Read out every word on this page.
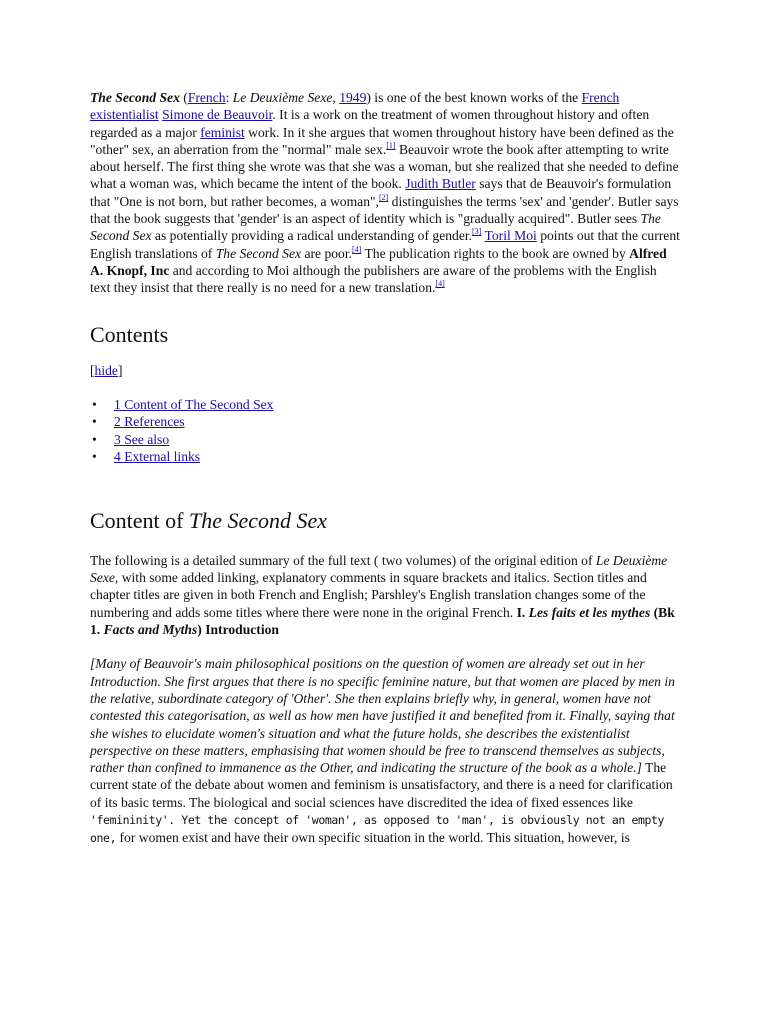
The Second Sex (French: Le Deuxième Sexe, 1949) is one of the best known works of the French existentialist Simone de Beauvoir. It is a work on the treatment of women throughout history and often regarded as a major feminist work. In it she argues that women throughout history have been defined as the "other" sex, an aberration from the "normal" male sex.[1] Beauvoir wrote the book after attempting to write about herself. The first thing she wrote was that she was a woman, but she realized that she needed to define what a woman was, which became the intent of the book. Judith Butler says that de Beauvoir's formulation that "One is not born, but rather becomes, a woman",[2] distinguishes the terms 'sex' and 'gender'. Butler says that the book suggests that 'gender' is an aspect of identity which is "gradually acquired". Butler sees The Second Sex as potentially providing a radical understanding of gender.[3] Toril Moi points out that the current English translations of The Second Sex are poor.[4] The publication rights to the book are owned by Alfred A. Knopf, Inc and according to Moi although the publishers are aware of the problems with the English text they insist that there really is no need for a new translation.[4]

Contents

[hide]

• 1 Content of The Second Sex
• 2 References
• 3 See also
• 4 External links
Content of The Second Sex

The following is a detailed summary of the full text ( two volumes) of the original edition of Le Deuxième Sexe, with some added linking, explanatory comments in square brackets and italics. Section titles and chapter titles are given in both French and English; Parshley's English translation changes some of the numbering and adds some titles where there were none in the original French. I. Les faits et les mythes (Bk 1. Facts and Myths) Introduction

[Many of Beauvoir's main philosophical positions on the question of women are already set out in her Introduction. She first argues that there is no specific feminine nature, but that women are placed by men in the relative, subordinate category of 'Other'. She then explains briefly why, in general, women have not contested this categorisation, as well as how men have justified it and benefited from it. Finally, saying that she wishes to elucidate women's situation and what the future holds, she describes the existentialist perspective on these matters, emphasising that women should be free to transcend themselves as subjects, rather than confined to immanence as the Other, and indicating the structure of the book as a whole.] The current state of the debate about women and feminism is unsatisfactory, and there is a need for clarification of its basic terms. The biological and social sciences have discredited the idea of fixed essences like 'femininity'. Yet the concept of 'woman', as opposed to 'man', is obviously not an empty one, for women exist and have their own specific situation in the world. This situation, however, is
